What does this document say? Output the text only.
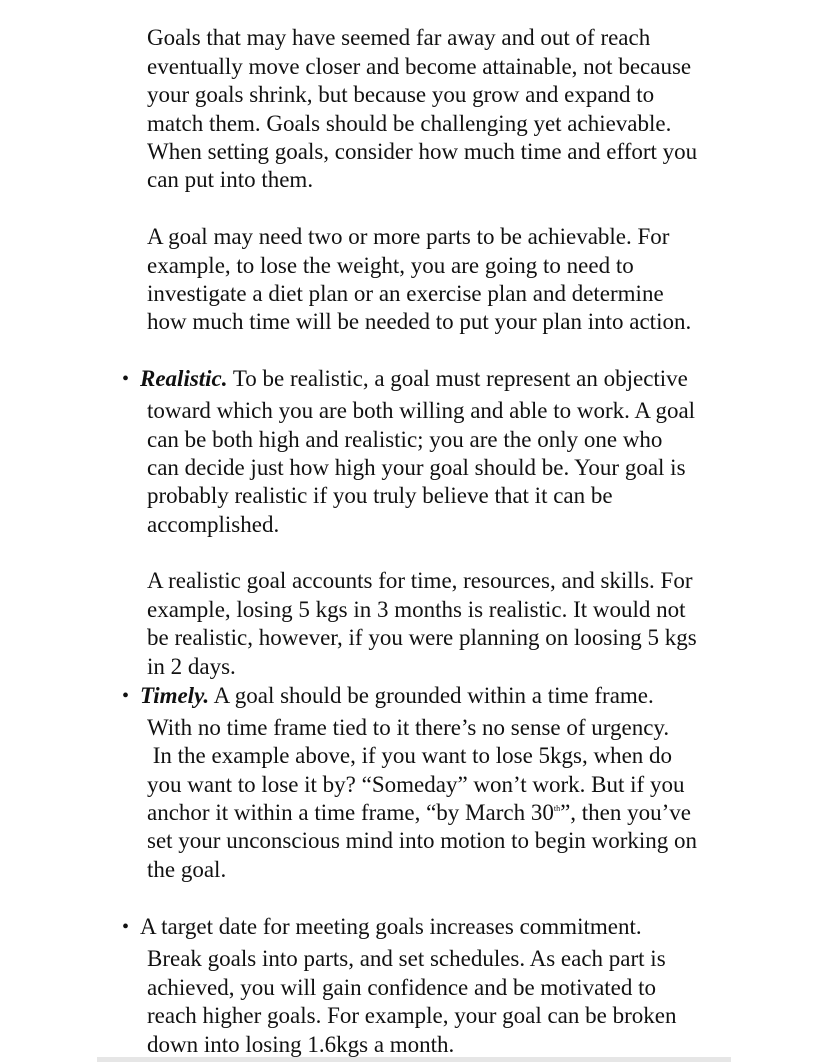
Goals that may have seemed far away and out of reach
eventually move closer and become attainable, not because
your goals shrink, but because you grow and expand to
match them. Goals should be challenging yet achievable.
When setting goals, consider how much time and effort you
can put into them.
A goal may need two or more parts to be achievable. For
example, to lose the weight, you are going to need to
investigate a diet plan or an exercise plan and determine
how much time will be needed to put your plan into action.
• Realistic. To be realistic, a goal must represent an objective
toward which you are both willing and able to work. A goal
can be both high and realistic; you are the only one who
can decide just how high your goal should be. Your goal is
probably realistic if you truly believe that it can be
accomplished.
A realistic goal accounts for time, resources, and skills. For
example, losing 5 kgs in 3 months is realistic. It would not
be realistic, however, if you were planning on loosing 5 kgs
in 2 days.
• Timely. A goal should be grounded within a time frame.
With no time frame tied to it there’s no sense of urgency.
In the example above, if you want to lose 5kgs, when do
you want to lose it by? “Someday” won’t work. But if you
anchor it within a time frame, “by March 30th”, then you’ve
set your unconscious mind into motion to begin working on
the goal.
• A target date for meeting goals increases commitment.
Break goals into parts, and set schedules. As each part is
achieved, you will gain confidence and be motivated to
reach higher goals. For example, your goal can be broken
down into losing 1.6kgs a month.
